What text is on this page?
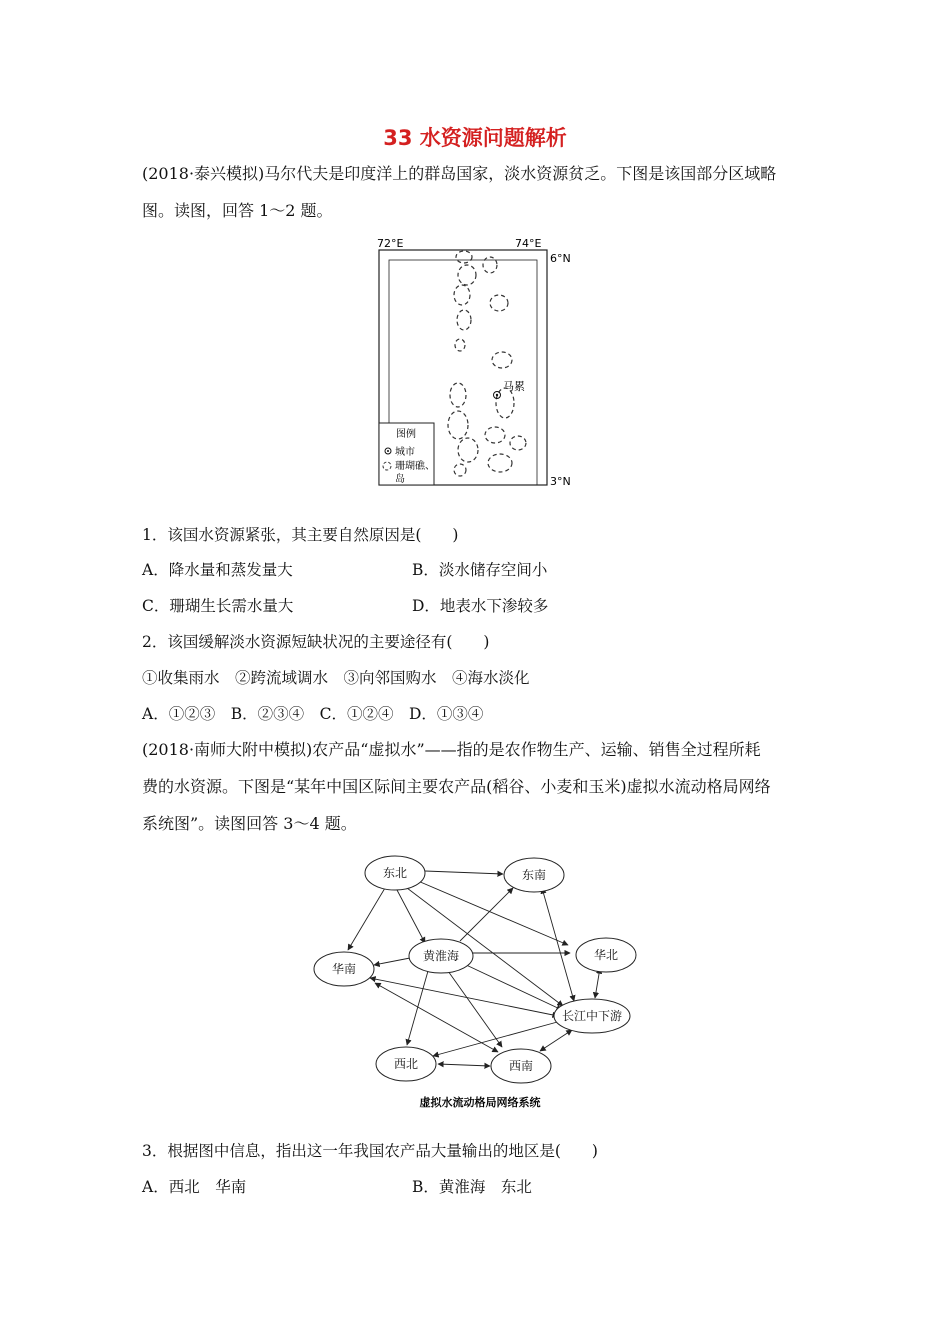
33 水资源问题解析
(2018·泰兴模拟)马尔代夫是印度洋上的群岛国家，淡水资源贫乏。下图是该国部分区域略
图。读图，回答 1～2 题。
72°E	74°E
6°N
3°N
马累
图例
城市
珊瑚礁、
岛
1．该国水资源紧张，其主要自然原因是(　　)
A．降水量和蒸发量大	B．淡水储存空间小
C．珊瑚生长需水量大	D．地表水下渗较多
2．该国缓解淡水资源短缺状况的主要途径有(　　)
①收集雨水　②跨流域调水　③向邻国购水　④海水淡化
A．①②③　B．②③④　C．①②④　D．①③④
(2018·南师大附中模拟)农产品“虚拟水”——指的是农作物生产、运输、销售全过程所耗
费的水资源。下图是“某年中国区际间主要农产品(稻谷、小麦和玉米)虚拟水流动格局网络
系统图”。读图回答 3～4 题。
东北	东南
华北
华南
黄淮海
长江中下游
西北	西南
虚拟水流动格局网络系统
3．根据图中信息，指出这一年我国农产品大量输出的地区是(　　)
A．西北　华南	B．黄淮海　东北
